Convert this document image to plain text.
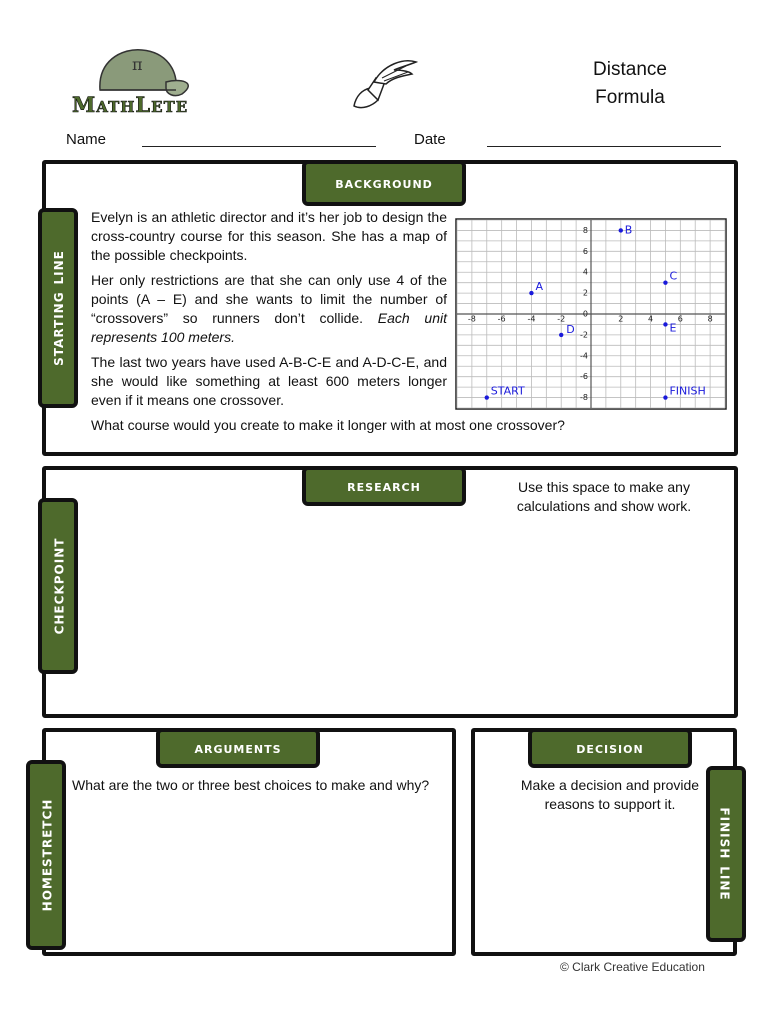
π
MathLete
Distance
Formula
Name	Date
background
starting line

Evelyn is an athletic director and it’s her job to design the cross-country course for this season. She has a map of the possible checkpoints.

Her only restrictions are that she can only use 4 of the points (A – E) and she wants to limit the number of “crossovers” so runners don’t collide. Each unit represents 100 meters.

The last two years have used A-B-C-E and A-D-C-E, and she would like something at least 600 meters longer even if it means one crossover.

What course would you create to make it longer with at most one crossover?
-8	-6	-4	-2	2	4	6	8
8
6
4
2
0
-2
-4
-6
-8
A
B
C
D	E
START	FINISH
research
checkpoint
Use this space to make any calculations and show work.
arguments
homestretch
What are the two or three best choices to make and why?
decision
finish line
Make a decision and provide reasons to support it.
© Clark Creative Education
